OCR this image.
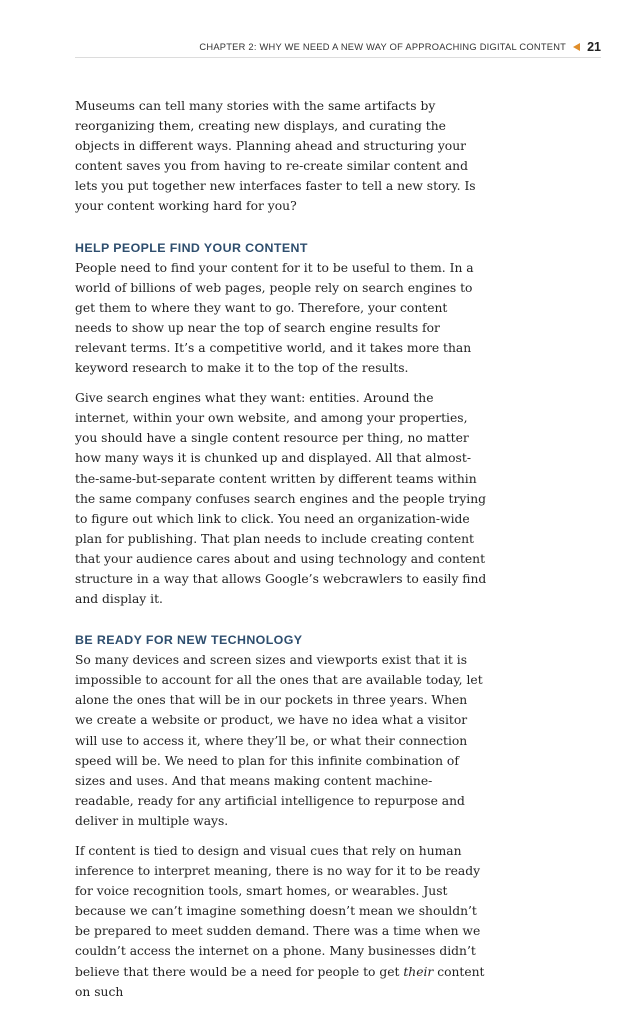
CHAPTER 2: WHY WE NEED A NEW WAY OF APPROACHING DIGITAL CONTENT 21

Museums can tell many stories with the same artifacts by reorganizing them, creating new displays, and curating the objects in different ways. Planning ahead and structuring your content saves you from having to re-create similar content and lets you put together new interfaces faster to tell a new story. Is your content working hard for you?

HELP PEOPLE FIND YOUR CONTENT

People need to find your content for it to be useful to them. In a world of billions of web pages, people rely on search engines to get them to where they want to go. Therefore, your content needs to show up near the top of search engine results for relevant terms. It’s a competitive world, and it takes more than keyword research to make it to the top of the results.

Give search engines what they want: entities. Around the internet, within your own website, and among your properties, you should have a single content resource per thing, no matter how many ways it is chunked up and displayed. All that almost-the-same-but-separate content written by different teams within the same company confuses search engines and the people trying to figure out which link to click. You need an organization-wide plan for publishing. That plan needs to include creating content that your audience cares about and using technology and content structure in a way that allows Google’s webcrawlers to easily find and display it.

BE READY FOR NEW TECHNOLOGY

So many devices and screen sizes and viewports exist that it is impossible to account for all the ones that are available today, let alone the ones that will be in our pockets in three years. When we create a website or product, we have no idea what a visitor will use to access it, where they’ll be, or what their connection speed will be. We need to plan for this infinite combination of sizes and uses. And that means making content machine-readable, ready for any artificial intelligence to repurpose and deliver in multiple ways.

If content is tied to design and visual cues that rely on human inference to interpret meaning, there is no way for it to be ready for voice recognition tools, smart homes, or wearables. Just because we can’t imagine something doesn’t mean we shouldn’t be prepared to meet sudden demand. There was a time when we couldn’t access the internet on a phone. Many businesses didn’t believe that there would be a need for people to get their content on such
